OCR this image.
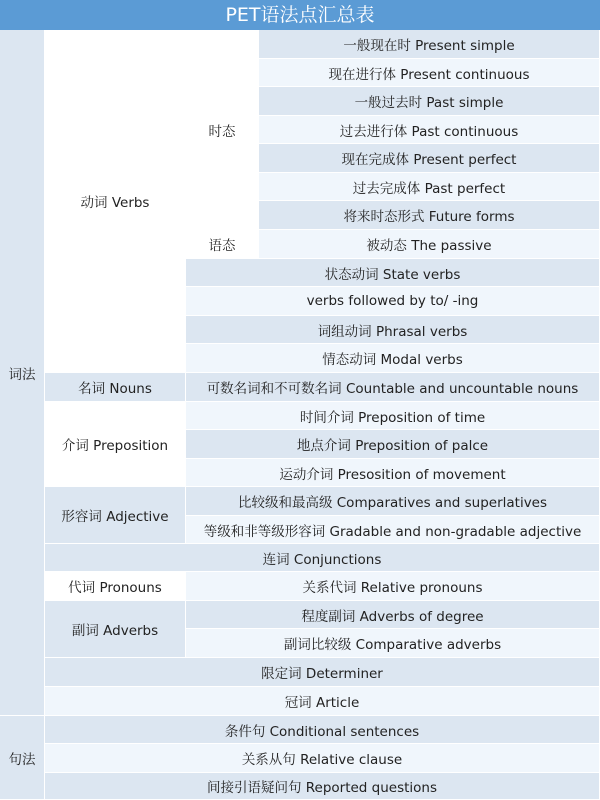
PET语法点汇总表
词法
句法
动词 Verbs
时态
语态
名词 Nouns
介词 Preposition
形容词 Adjective
代词 Pronouns
副词 Adverbs
一般现在时 Present simple
现在进行体 Present continuous
一般过去时 Past simple
过去进行体 Past continuous
现在完成体 Present perfect
过去完成体 Past perfect
将来时态形式 Future forms
被动态 The passive
状态动词 State verbs
verbs followed by to/ -ing
词组动词 Phrasal verbs
情态动词 Modal verbs
可数名词和不可数名词 Countable and uncountable nouns
时间介词 Preposition of time
地点介词 Preposition of palce
运动介词 Presosition of movement
比较级和最高级 Comparatives and superlatives
等级和非等级形容词 Gradable and non-gradable adjective
连词 Conjunctions
关系代词 Relative pronouns
程度副词 Adverbs of degree
副词比较级 Comparative adverbs
限定词 Determiner
冠词 Article
条件句 Conditional sentences
关系从句 Relative clause
间接引语疑问句 Reported questions
